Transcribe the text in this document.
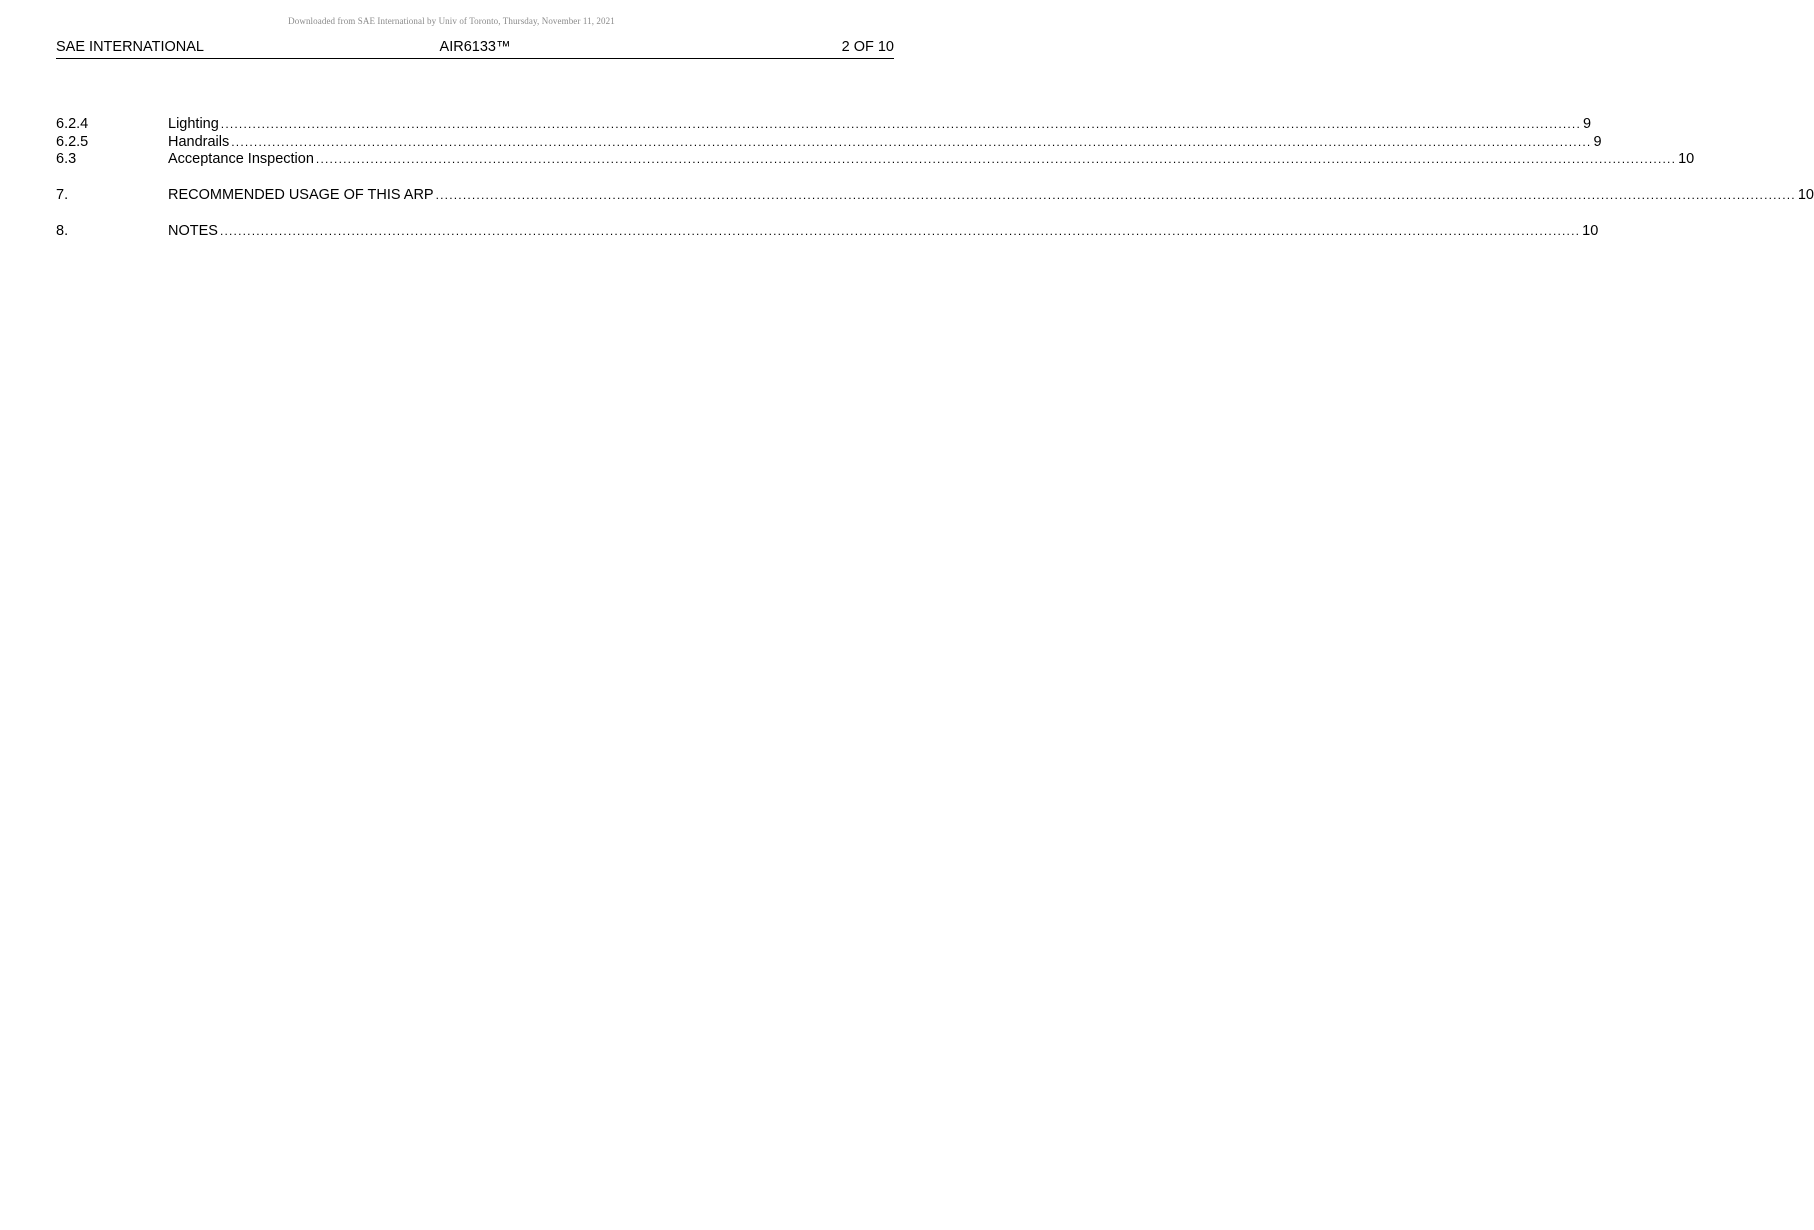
Downloaded from SAE International by Univ of Toronto, Thursday, November 11, 2021
SAE INTERNATIONAL	AIR6133™	2 OF 10
6.2.4	Lighting ............................................................................................................................................................................................................................................................................................................ 9
6.2.5	Handrails ............................................................................................................................................................................................................................................................................................................ 9
6.3	Acceptance Inspection ............................................................................................................................................................................................................................................................................................................ 10
7.	RECOMMENDED USAGE OF THIS ARP ............................................................................................................................................................................................................................................................................................................ 10
8.	NOTES ............................................................................................................................................................................................................................................................................................................ 10
